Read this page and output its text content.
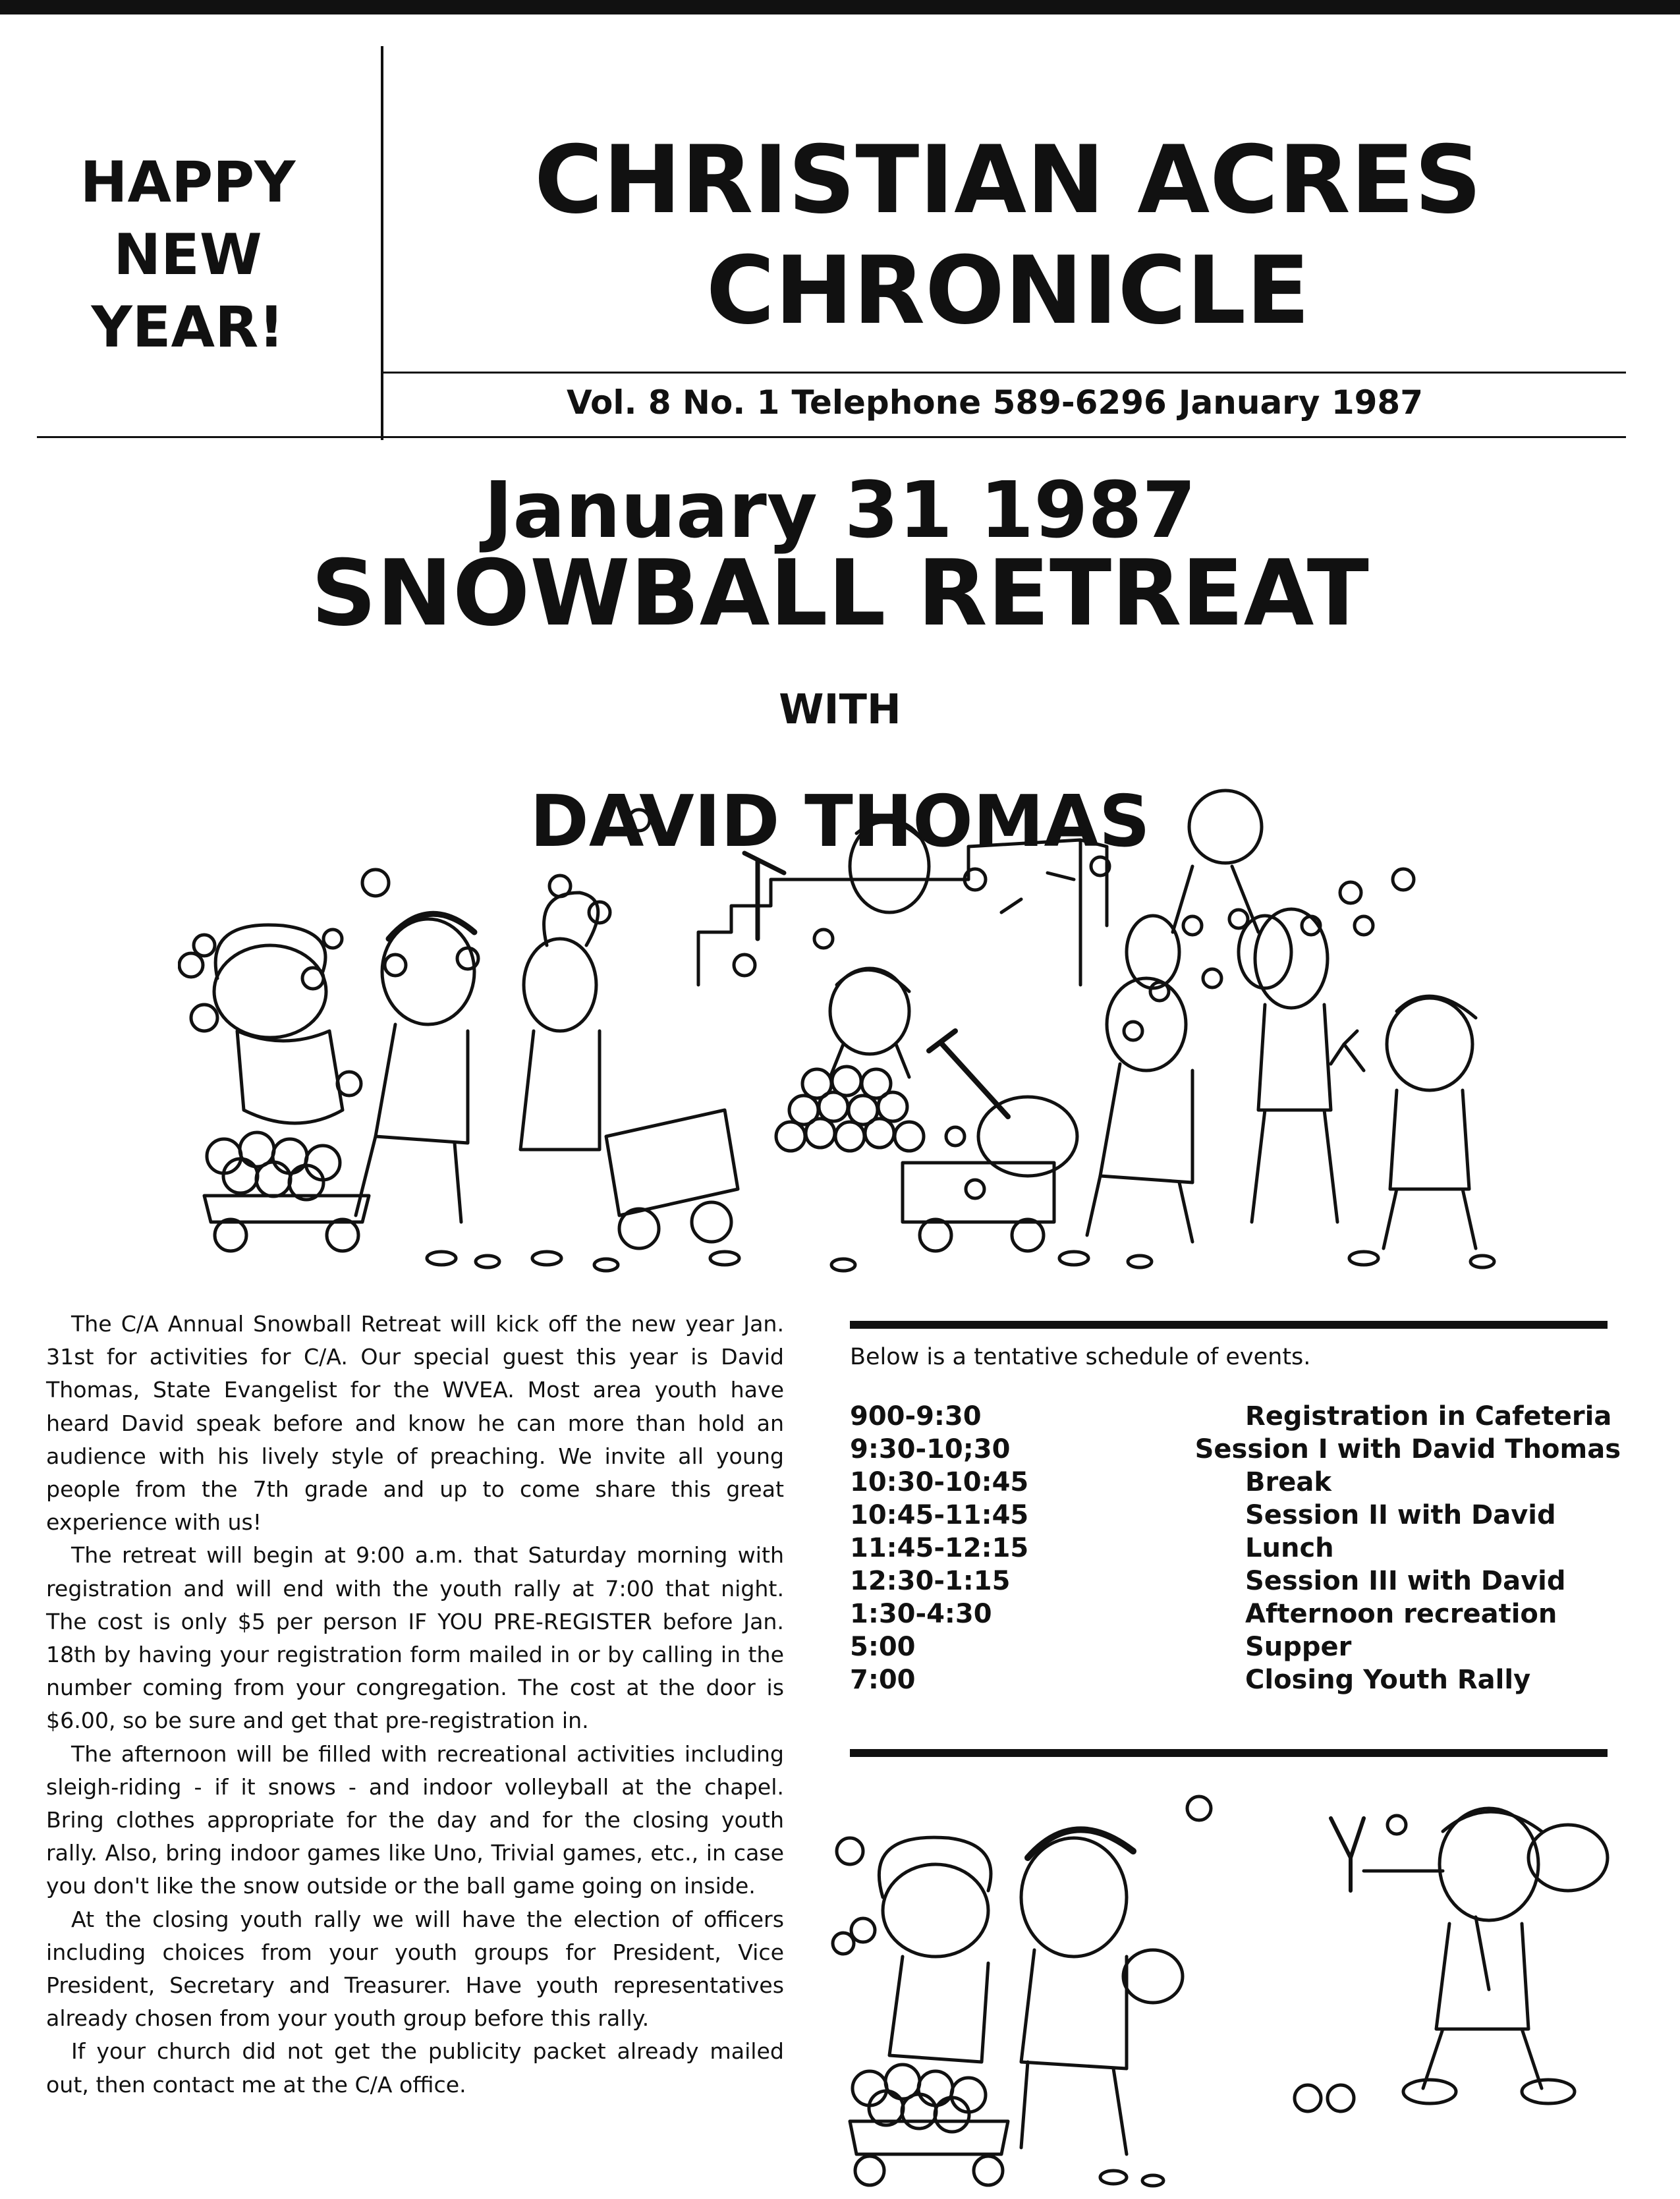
HAPPY
NEW
YEAR!
CHRISTIAN ACRES
CHRONICLE
Vol. 8 No. 1 Telephone 589-6296 January 1987
January 31 1987
SNOWBALL RETREAT
WITH
DAVID THOMAS

The C/A Annual Snowball Retreat will kick off the new year Jan. 31st for activities for C/A. Our special guest this year is David Thomas, State Evangelist for the WVEA. Most area youth have heard David speak before and know he can more than hold an audience with his lively style of preaching. We invite all young people from the 7th grade and up to come share this great experience with us!

The retreat will begin at 9:00 a.m. that Saturday morning with registration and will end with the youth rally at 7:00 that night. The cost is only $5 per person IF YOU PRE-REGISTER before Jan. 18th by having your registration form mailed in or by calling in the number coming from your congregation. The cost at the door is $6.00, so be sure and get that pre-registration in.

The afternoon will be filled with recreational activities including sleigh-riding - if it snows - and indoor volleyball at the chapel. Bring clothes appropriate for the day and for the closing youth rally. Also, bring indoor games like Uno, Trivial games, etc., in case you don't like the snow outside or the ball game going on inside.

At the closing youth rally we will have the election of officers including choices from your youth groups for President, Vice President, Secretary and Treasurer. Have youth representatives already chosen from your youth group before this rally.

If your church did not get the publicity packet already mailed out, then contact me at the C/A office.

Below is a tentative schedule of events.
900-9:30	Registration in Cafeteria
9:30-10;30	Session I with David Thomas
10:30-10:45	Break
10:45-11:45	Session II with David
11:45-12:15	Lunch
12:30-1:15	Session III with David
1:30-4:30	Afternoon recreation
5:00	Supper
7:00	Closing Youth Rally
